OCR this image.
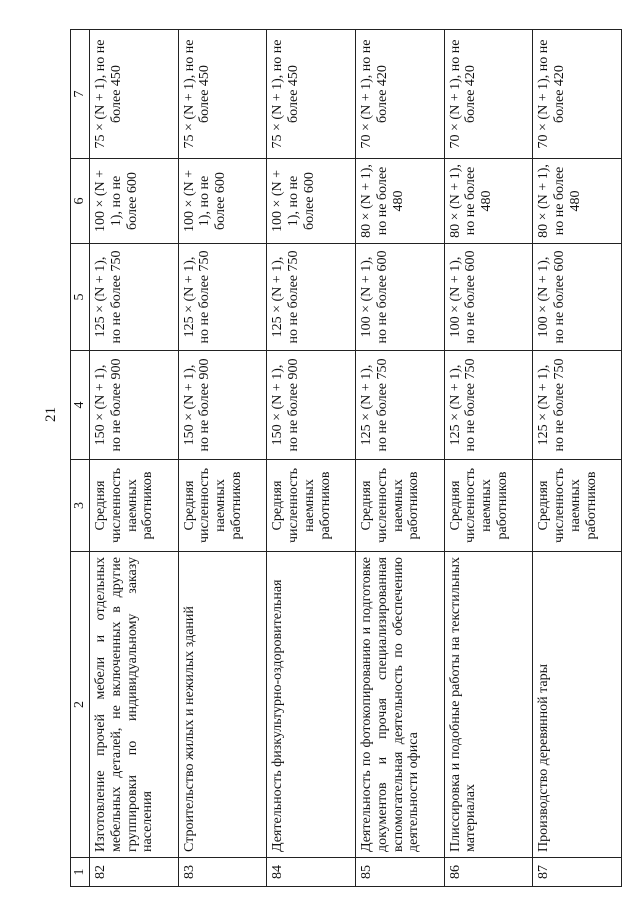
21
1	2	3	4	5	6	7
82	Изготовление прочей мебели и отдельных мебельных деталей, не включенных в другие группировки по индивидуальному заказу населения	Средняя численность наемных работников	150 × (N + 1), но не более 900	125 × (N + 1), но не более 750	100 × (N + 1), но не более 600	75 × (N + 1), но не более 450
83	Строительство жилых и нежилых зданий	Средняя численность наемных работников	150 × (N + 1), но не более 900	125 × (N + 1), но не более 750	100 × (N + 1), но не более 600	75 × (N + 1), но не более 450
84	Деятельность физкультурно-оздоровительная	Средняя численность наемных работников	150 × (N + 1), но не более 900	125 × (N + 1), но не более 750	100 × (N + 1), но не более 600	75 × (N + 1), но не более 450
85	Деятельность по фотокопированию и подготовке документов и прочая специализированная вспомогательная деятельность по обеспечению деятельности офиса	Средняя численность наемных работников	125 × (N + 1), но не более 750	100 × (N + 1), но не более 600	80 × (N + 1), но не более 480	70 × (N + 1), но не более 420
86	Плиссировка и подобные работы на текстильных материалах	Средняя численность наемных работников	125 × (N + 1), но не более 750	100 × (N + 1), но не более 600	80 × (N + 1), но не более 480	70 × (N + 1), но не более 420
87	Производство деревянной тары	Средняя численность наемных работников	125 × (N + 1), но не более 750	100 × (N + 1), но не более 600	80 × (N + 1), но не более 480	70 × (N + 1), но не более 420
